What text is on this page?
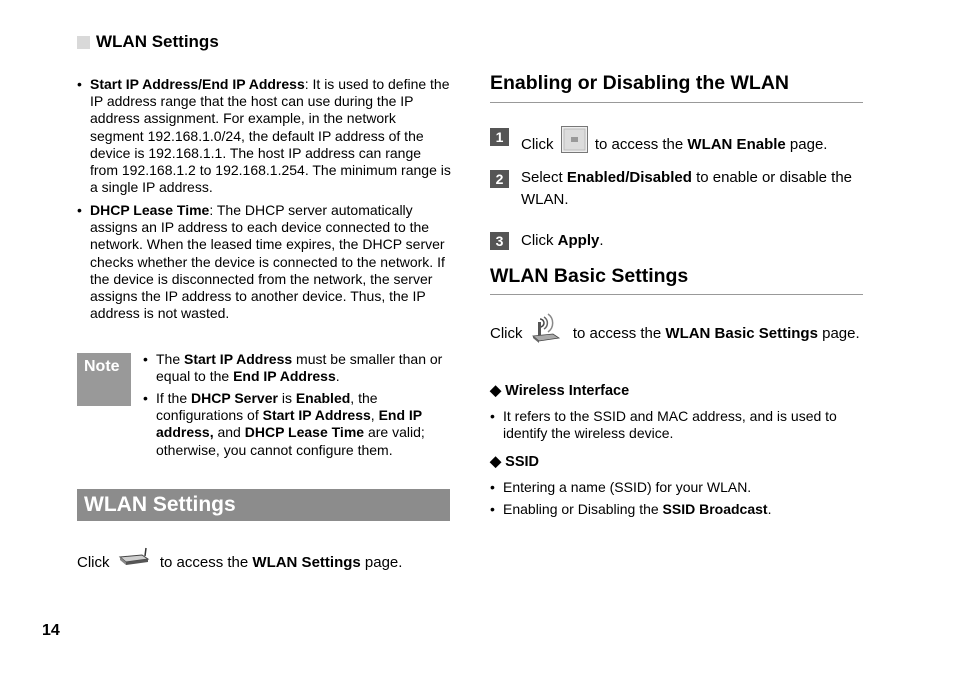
WLAN Settings

• Start IP Address/End IP Address: It is used to define the IP address range that the host can use during the IP address assignment. For example, in the network segment 192.168.1.0/24, the default IP address of the device is 192.168.1.1. The host IP address can range from 192.168.1.2 to 192.168.1.254. The minimum range is a single IP address.

• DHCP Lease Time: The DHCP server automatically assigns an IP address to each device connected to the network. When the leased time expires, the DHCP server checks whether the device is connected to the network. If the device is disconnected from the network, the server assigns the IP address to another device. Thus, the IP address is not wasted.

Note

•	The Start IP Address must be smaller than or equal to the End IP Address.

• If the DHCP Server is Enabled, the configurations of Start IP Address, End IP address, and DHCP Lease Time are valid; otherwise, you cannot configure them.

WLAN Settings
Click	to access the WLAN Settings page.
Enabling or Disabling the WLAN
1	Click	to access the WLAN Enable page.
2	Select Enabled/Disabled to enable or disable the WLAN.
3	Click Apply.
WLAN Basic Settings
Click	to access the WLAN Basic Settings page.
◆ Wireless Interface

• It refers to the SSID and MAC address, and is used to identify the wireless device.

◆ SSID

• Entering a name (SSID) for your WLAN.

• Enabling or Disabling the SSID Broadcast.

14
